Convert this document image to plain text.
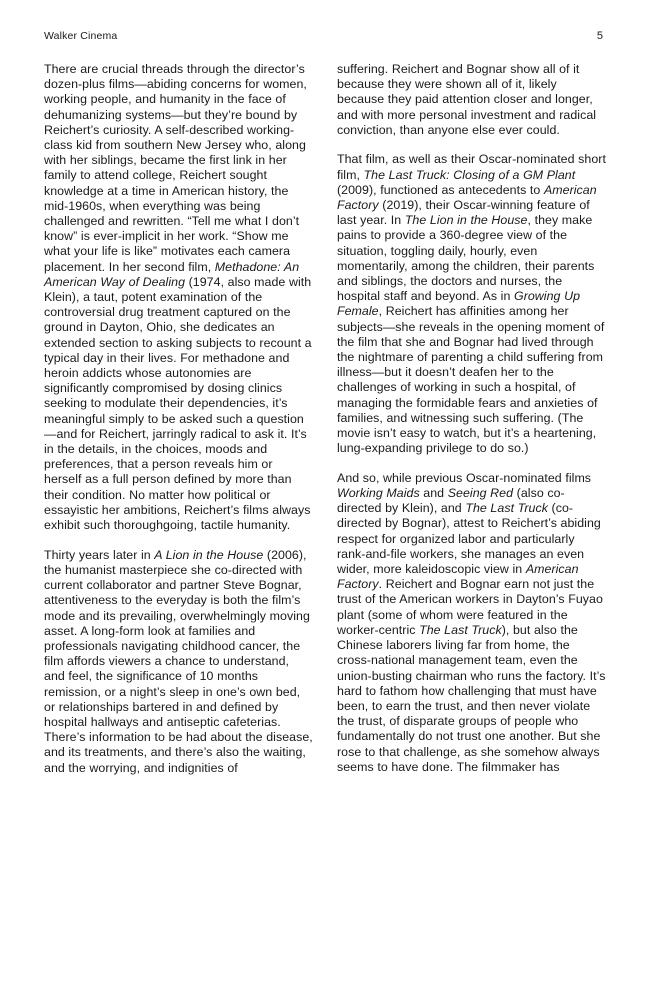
Walker Cinema	5

There are crucial threads through the director’s dozen-plus films—abiding concerns for women, working people, and humanity in the face of dehumanizing systems—but they’re bound by Reichert’s curiosity. A self-described working-class kid from southern New Jersey who, along with her siblings, became the first link in her family to attend college, Reichert sought knowledge at a time in American history, the mid-1960s, when everything was being challenged and rewritten. “Tell me what I don’t know” is ever-implicit in her work. “Show me what your life is like” motivates each camera placement. In her second film, Methadone: An American Way of Dealing (1974, also made with Klein), a taut, potent examination of the controversial drug treatment captured on the ground in Dayton, Ohio, she dedicates an extended section to asking subjects to recount a typical day in their lives. For methadone and heroin addicts whose autonomies are significantly compromised by dosing clinics seeking to modulate their dependencies, it’s meaningful simply to be asked such a question—and for Reichert, jarringly radical to ask it. It’s in the details, in the choices, moods and preferences, that a person reveals him or herself as a full person defined by more than their condition. No matter how political or essayistic her ambitions, Reichert’s films always exhibit such thoroughgoing, tactile humanity.

Thirty years later in A Lion in the House (2006), the humanist masterpiece she co-directed with current collaborator and partner Steve Bognar, attentiveness to the everyday is both the film’s mode and its prevailing, overwhelmingly moving asset. A long-form look at families and professionals navigating childhood cancer, the film affords viewers a chance to understand, and feel, the significance of 10 months remission, or a night’s sleep in one’s own bed, or relationships bartered in and defined by hospital hallways and antiseptic cafeterias. There’s information to be had about the disease, and its treatments, and there’s also the waiting, and the worrying, and indignities of

suffering. Reichert and Bognar show all of it because they were shown all of it, likely because they paid attention closer and longer, and with more personal investment and radical conviction, than anyone else ever could.

That film, as well as their Oscar-nominated short film, The Last Truck: Closing of a GM Plant (2009), functioned as antecedents to American Factory (2019), their Oscar-winning feature of last year. In The Lion in the House, they make pains to provide a 360-degree view of the situation, toggling daily, hourly, even momentarily, among the children, their parents and siblings, the doctors and nurses, the hospital staff and beyond. As in Growing Up Female, Reichert has affinities among her subjects—she reveals in the opening moment of the film that she and Bognar had lived through the nightmare of parenting a child suffering from illness—but it doesn’t deafen her to the challenges of working in such a hospital, of managing the formidable fears and anxieties of families, and witnessing such suffering. (The movie isn’t easy to watch, but it’s a heartening, lung-expanding privilege to do so.)

And so, while previous Oscar-nominated films Working Maids and Seeing Red (also co-directed by Klein), and The Last Truck (co-directed by Bognar), attest to Reichert’s abiding respect for organized labor and particularly rank-and-file workers, she manages an even wider, more kaleidoscopic view in American Factory. Reichert and Bognar earn not just the trust of the American workers in Dayton’s Fuyao plant (some of whom were featured in the worker-centric The Last Truck), but also the Chinese laborers living far from home, the cross-national management team, even the union-busting chairman who runs the factory. It’s hard to fathom how challenging that must have been, to earn the trust, and then never violate the trust, of disparate groups of people who fundamentally do not trust one another. But she rose to that challenge, as she somehow always seems to have done. The filmmaker has
